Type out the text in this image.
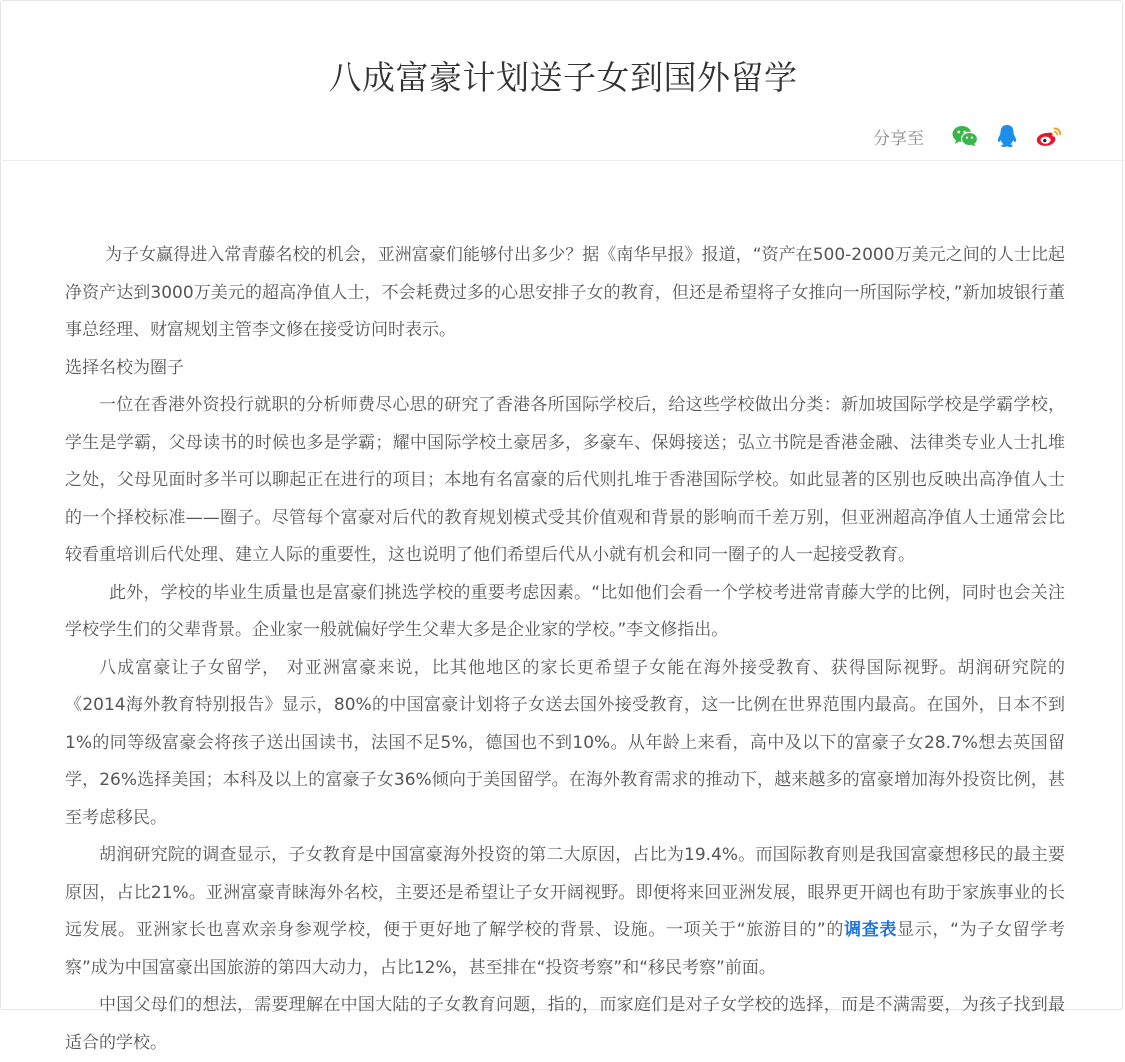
八成富豪计划送子女到国外留学
分享至

为子女赢得进入常青藤名校的机会，亚洲富豪们能够付出多少？据《南华早报》报道，“资产在500-2000万美元之间的人士比起净资产达到3000万美元的超高净值人士，不会耗费过多的心思安排子女的教育，但还是希望将子女推向一所国际学校，”新加坡银行董事总经理、财富规划主管李文修在接受访问时表示。

选择名校为圈子

一位在香港外资投行就职的分析师费尽心思的研究了香港各所国际学校后，给这些学校做出分类：新加坡国际学校是学霸学校，学生是学霸，父母读书的时候也多是学霸；耀中国际学校土豪居多，多豪车、保姆接送；弘立书院是香港金融、法律类专业人士扎堆之处，父母见面时多半可以聊起正在进行的项目；本地有名富豪的后代则扎堆于香港国际学校。如此显著的区别也反映出高净值人士的一个择校标准——圈子。尽管每个富豪对后代的教育规划模式受其价值观和背景的影响而千差万别，但亚洲超高净值人士通常会比较看重培训后代处理、建立人际的重要性，这也说明了他们希望后代从小就有机会和同一圈子的人一起接受教育。

此外，学校的毕业生质量也是富豪们挑选学校的重要考虑因素。“比如他们会看一个学校考进常青藤大学的比例，同时也会关注学校学生们的父辈背景。企业家一般就偏好学生父辈大多是企业家的学校。”李文修指出。

八成富豪让子女留学， 对亚洲富豪来说，比其他地区的家长更希望子女能在海外接受教育、获得国际视野。胡润研究院的《2014海外教育特别报告》显示，80%的中国富豪计划将子女送去国外接受教育，这一比例在世界范围内最高。在国外，日本不到1%的同等级富豪会将孩子送出国读书，法国不足5%，德国也不到10%。从年龄上来看，高中及以下的富豪子女28.7%想去英国留学，26%选择美国；本科及以上的富豪子女36%倾向于美国留学。在海外教育需求的推动下，越来越多的富豪增加海外投资比例，甚至考虑移民。

胡润研究院的调查显示，子女教育是中国富豪海外投资的第二大原因，占比为19.4%。而国际教育则是我国富豪想移民的最主要原因，占比21%。亚洲富豪青睐海外名校，主要还是希望让子女开阔视野。即便将来回亚洲发展，眼界更开阔也有助于家族事业的长远发展。亚洲家长也喜欢亲身参观学校，便于更好地了解学校的背景、设施。一项关于“旅游目的”的调查表显示，“为子女留学考察”成为中国富豪出国旅游的第四大动力，占比12%，甚至排在“投资考察”和“移民考察”前面。

中国父母们的想法，需要理解在中国大陆的子女教育问题，指的，而家庭们是对子女学校的选择，而是不满需要，为孩子找到最适合的学校。
